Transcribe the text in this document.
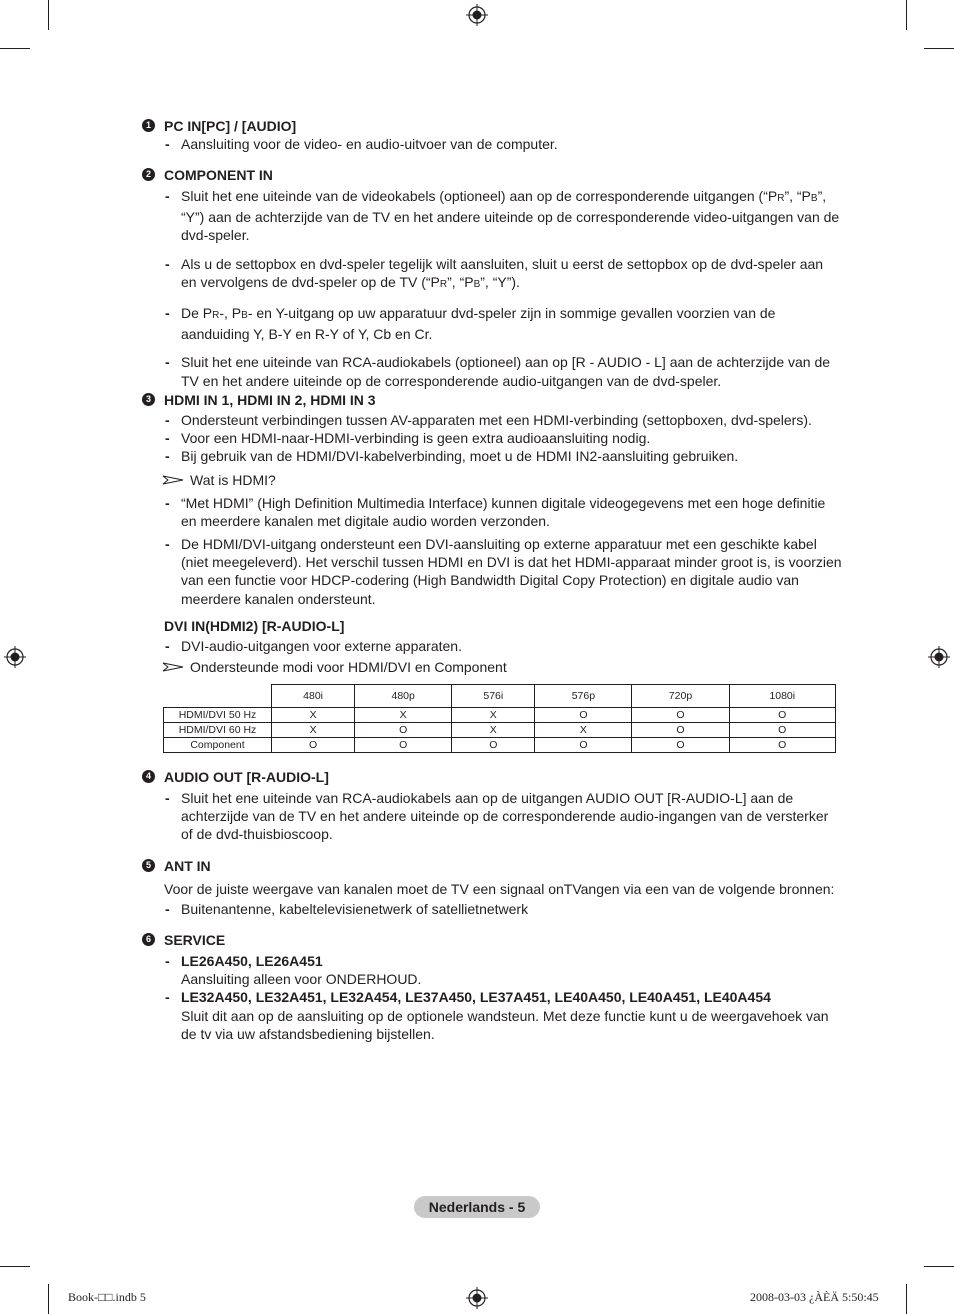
1 PC IN[PC] / [AUDIO]
- Aansluiting voor de video- en audio-uitvoer van de computer.
2 COMPONENT IN
- Sluit het ene uiteinde van de videokabels (optioneel) aan op de corresponderende uitgangen (“PR”, “PB”,
“Y”) aan de achterzijde van de TV en het andere uiteinde op de corresponderende video-uitgangen van de dvd-speler.
- Als u de settopbox en dvd-speler tegelijk wilt aansluiten, sluit u eerst de settopbox op de dvd-speler aan en vervolgens de dvd-speler op de TV (“PR”, “PB”, “Y”).
- De PR-, PB- en Y-uitgang op uw apparatuur dvd-speler zijn in sommige gevallen voorzien van de aanduiding Y, B-Y en R-Y of Y, Cb en Cr.
- Sluit het ene uiteinde van RCA-audiokabels (optioneel) aan op [R - AUDIO - L] aan de achterzijde van de TV en het andere uiteinde op de corresponderende audio-uitgangen van de dvd-speler.
3 HDMI IN 1, HDMI IN 2, HDMI IN 3
- Ondersteunt verbindingen tussen AV-apparaten met een HDMI-verbinding (settopboxen, dvd-spelers).
- Voor een HDMI-naar-HDMI-verbinding is geen extra audioaansluiting nodig.
- Bij gebruik van de HDMI/DVI-kabelverbinding, moet u de HDMI IN2-aansluiting gebruiken.
Wat is HDMI?
- “Met HDMI” (High Definition Multimedia Interface) kunnen digitale videogegevens met een hoge definitie en meerdere kanalen met digitale audio worden verzonden.
- De HDMI/DVI-uitgang ondersteunt een DVI-aansluiting op externe apparatuur met een geschikte kabel (niet meegeleverd). Het verschil tussen HDMI en DVI is dat het HDMI-apparaat minder groot is, is voorzien van een functie voor HDCP-codering (High Bandwidth Digital Copy Protection) en digitale audio van meerdere kanalen ondersteunt.
DVI IN(HDMI2) [R-AUDIO-L]
- DVI-audio-uitgangen voor externe apparaten.
Ondersteunde modi voor HDMI/DVI en Component
	480i	480p	576i	576p	720p	1080i
HDMI/DVI 50 Hz	X	X	X	O	O	O
HDMI/DVI 60 Hz	X	O	X	X	O	O
Component	O	O	O	O	O	O
4 AUDIO OUT [R-AUDIO-L]
- Sluit het ene uiteinde van RCA-audiokabels aan op de uitgangen AUDIO OUT [R-AUDIO-L] aan de achterzijde van de TV en het andere uiteinde op de corresponderende audio-ingangen van de versterker of de dvd-thuisbioscoop.
5 ANT IN
Voor de juiste weergave van kanalen moet de TV een signaal onTVangen via een van de volgende bronnen:
- Buitenantenne, kabeltelevisienetwerk of satellietnetwerk
6 SERVICE
- LE26A450, LE26A451
Aansluiting alleen voor ONDERHOUD.
- LE32A450, LE32A451, LE32A454, LE37A450, LE37A451, LE40A450, LE40A451, LE40A454
Sluit dit aan op de aansluiting op de optionele wandsteun. Met deze functie kunt u de weergavehoek van de tv via uw afstandsbediening bijstellen.
Nederlands - 5
Book-□□.indb 5	2008-03-03 ¿ÀÈÄ 5:50:45
